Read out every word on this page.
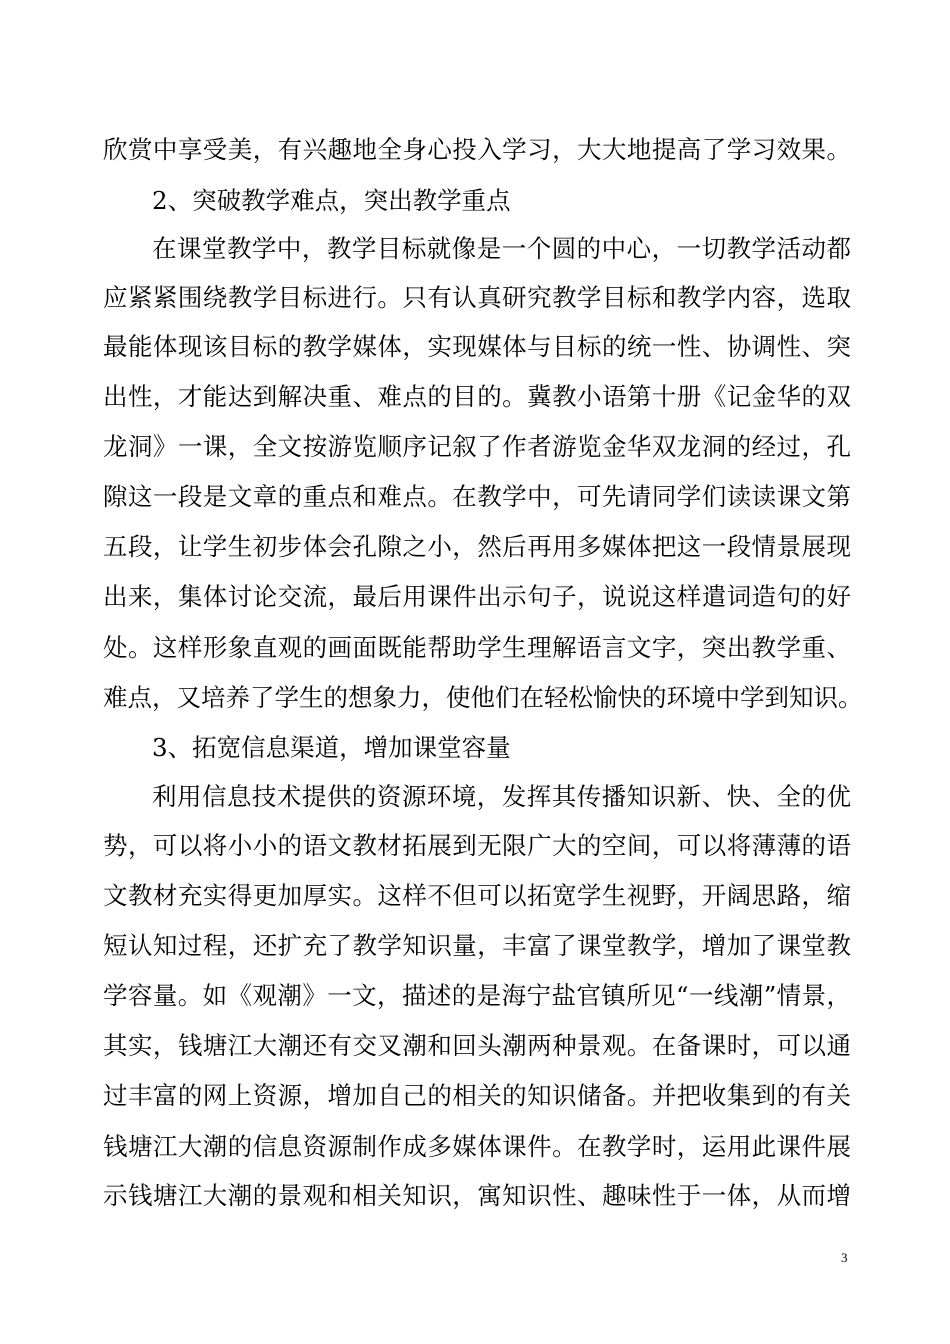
欣赏中享受美，有兴趣地全身心投入学习，大大地提高了学习效果。
2、突破教学难点，突出教学重点
在课堂教学中，教学目标就像是一个圆的中心，一切教学活动都
应紧紧围绕教学目标进行。只有认真研究教学目标和教学内容，选取
最能体现该目标的教学媒体，实现媒体与目标的统一性、协调性、突
出性，才能达到解决重、难点的目的。冀教小语第十册《记金华的双
龙洞》一课，全文按游览顺序记叙了作者游览金华双龙洞的经过，孔
隙这一段是文章的重点和难点。在教学中，可先请同学们读读课文第
五段，让学生初步体会孔隙之小，然后再用多媒体把这一段情景展现
出来，集体讨论交流，最后用课件出示句子，说说这样遣词造句的好
处。这样形象直观的画面既能帮助学生理解语言文字，突出教学重、
难点，又培养了学生的想象力，使他们在轻松愉快的环境中学到知识。
3、拓宽信息渠道，增加课堂容量
利用信息技术提供的资源环境，发挥其传播知识新、快、全的优
势，可以将小小的语文教材拓展到无限广大的空间，可以将薄薄的语
文教材充实得更加厚实。这样不但可以拓宽学生视野，开阔思路，缩
短认知过程，还扩充了教学知识量，丰富了课堂教学，增加了课堂教
学容量。如《观潮》一文，描述的是海宁盐官镇所见“一线潮”情景，
其实，钱塘江大潮还有交叉潮和回头潮两种景观。在备课时，可以通
过丰富的网上资源，增加自己的相关的知识储备。并把收集到的有关
钱塘江大潮的信息资源制作成多媒体课件。在教学时，运用此课件展
示钱塘江大潮的景观和相关知识，寓知识性、趣味性于一体，从而增
3
